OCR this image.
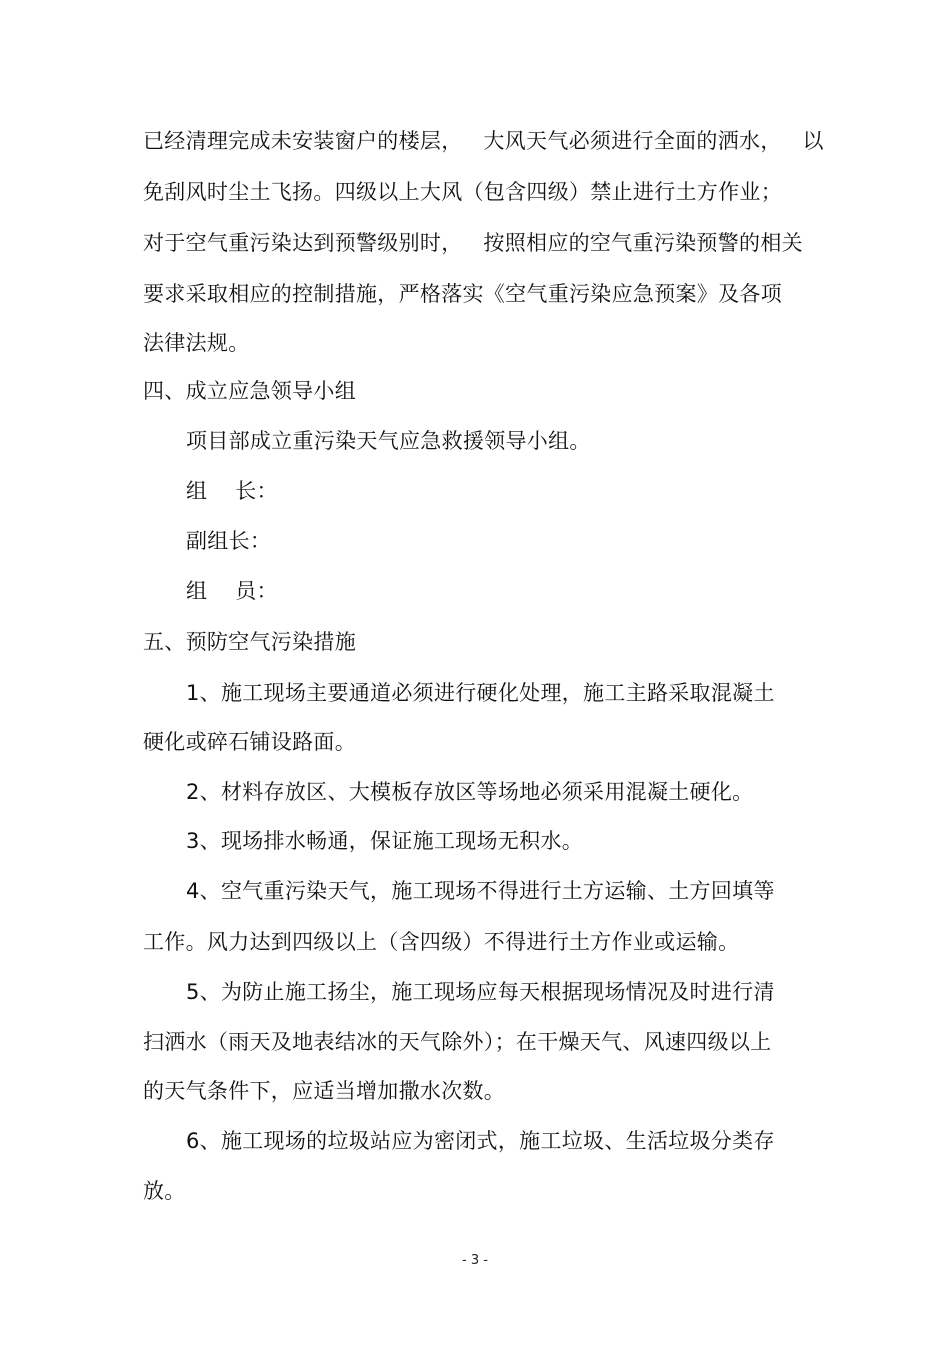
已经清理完成未安装窗户的楼层，   大风天气必须进行全面的洒水，   以
免刮风时尘土飞扬。四级以上大风（包含四级）禁止进行土方作业；
对于空气重污染达到预警级别时，   按照相应的空气重污染预警的相关
要求采取相应的控制措施，严格落实《空气重污染应急预案》及各项
法律法规。
四、成立应急领导小组
项目部成立重污染天气应急救援领导小组。
组    长：
副组长：
组    员：
五、预防空气污染措施
1、施工现场主要通道必须进行硬化处理，施工主路采取混凝土
硬化或碎石铺设路面。
2、材料存放区、大模板存放区等场地必须采用混凝土硬化。
3、现场排水畅通，保证施工现场无积水。
4、空气重污染天气，施工现场不得进行土方运输、土方回填等
工作。风力达到四级以上（含四级）不得进行土方作业或运输。
5、为防止施工扬尘，施工现场应每天根据现场情况及时进行清
扫洒水（雨天及地表结冰的天气除外）；在干燥天气、风速四级以上
的天气条件下，应适当增加撒水次数。
6、施工现场的垃圾站应为密闭式，施工垃圾、生活垃圾分类存
放。
- 3 -
